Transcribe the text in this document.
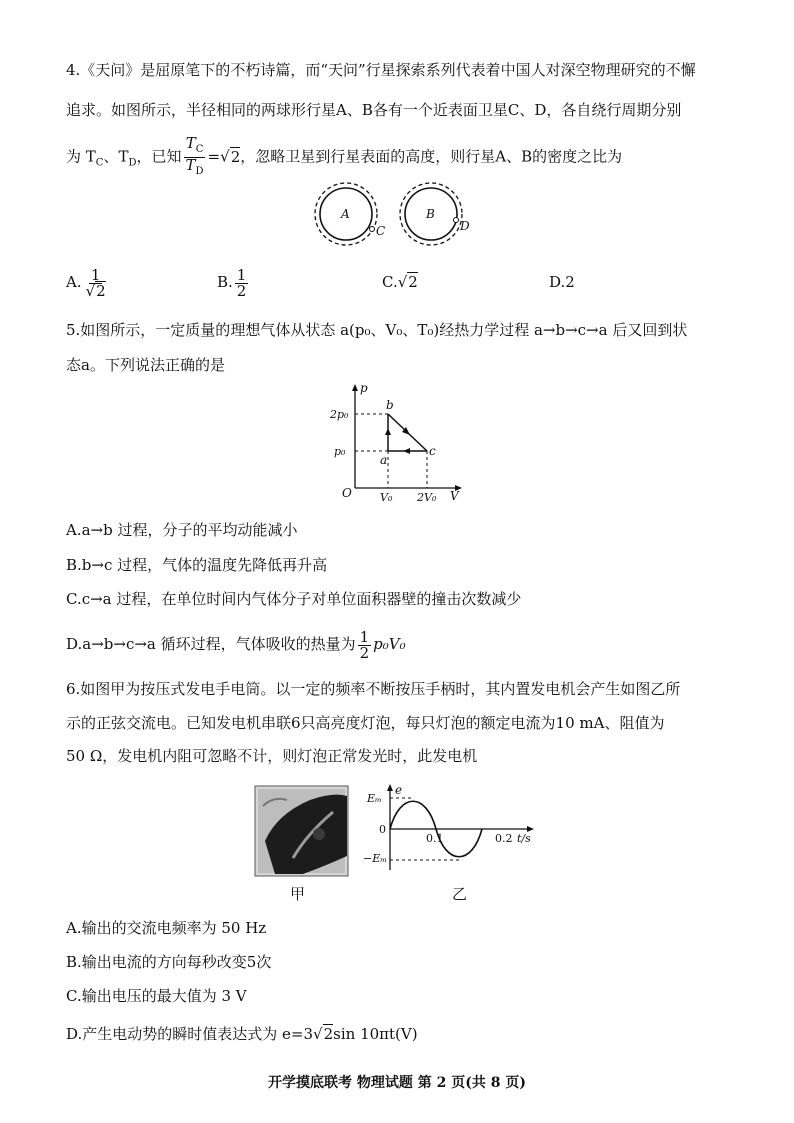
4.《天问》是屈原笔下的不朽诗篇，而“天问”行星探索系列代表着中国人对深空物理研究的不懈
追求。如图所示，半径相同的两球形行星A、B各有一个近表面卫星C、D，各自绕行周期分别
为 $T_C$、$T_D$，已知 $\frac{T_C}{T_D} =√2$，忽略卫星到行星表面的高度，则行星A、B的密度之比为
A
C
B
D
A. $\frac{1}{√2}$	B. $\frac{1}{2}$	C.√2	D.2
5.如图所示，一定质量的理想气体从状态 a(p₀、V₀、T₀)经热力学过程 a→b→c→a 后又回到状
态a。下列说法正确的是
p
V
O
2p₀
p₀
V₀ 2V₀
a
b
c
A.a→b 过程，分子的平均动能减小
B.b→c 过程，气体的温度先降低再升高
C.c→a 过程，在单位时间内气体分子对单位面积器壁的撞击次数减少
D.a→b→c→a 循环过程，气体吸收的热量为 $\frac{1}{2} p_0V_0$
6.如图甲为按压式发电手电筒。以一定的频率不断按压手柄时，其内置发电机会产生如图乙所
示的正弦交流电。已知发电机串联6只高亮度灯泡，每只灯泡的额定电流为10 mA、阻值为
50 Ω，发电机内阻可忽略不计，则灯泡正常发光时，此发电机
甲
e
Eₘ
0
−Eₘ
0.1	0.2 t/s
乙
A.输出的交流电频率为 50 Hz
B.输出电流的方向每秒改变5次
C.输出电压的最大值为 3 V
D.产生电动势的瞬时值表达式为 e=3√2sin 10πt(V)
开学摸底联考 物理试题 第 2 页(共 8 页)
